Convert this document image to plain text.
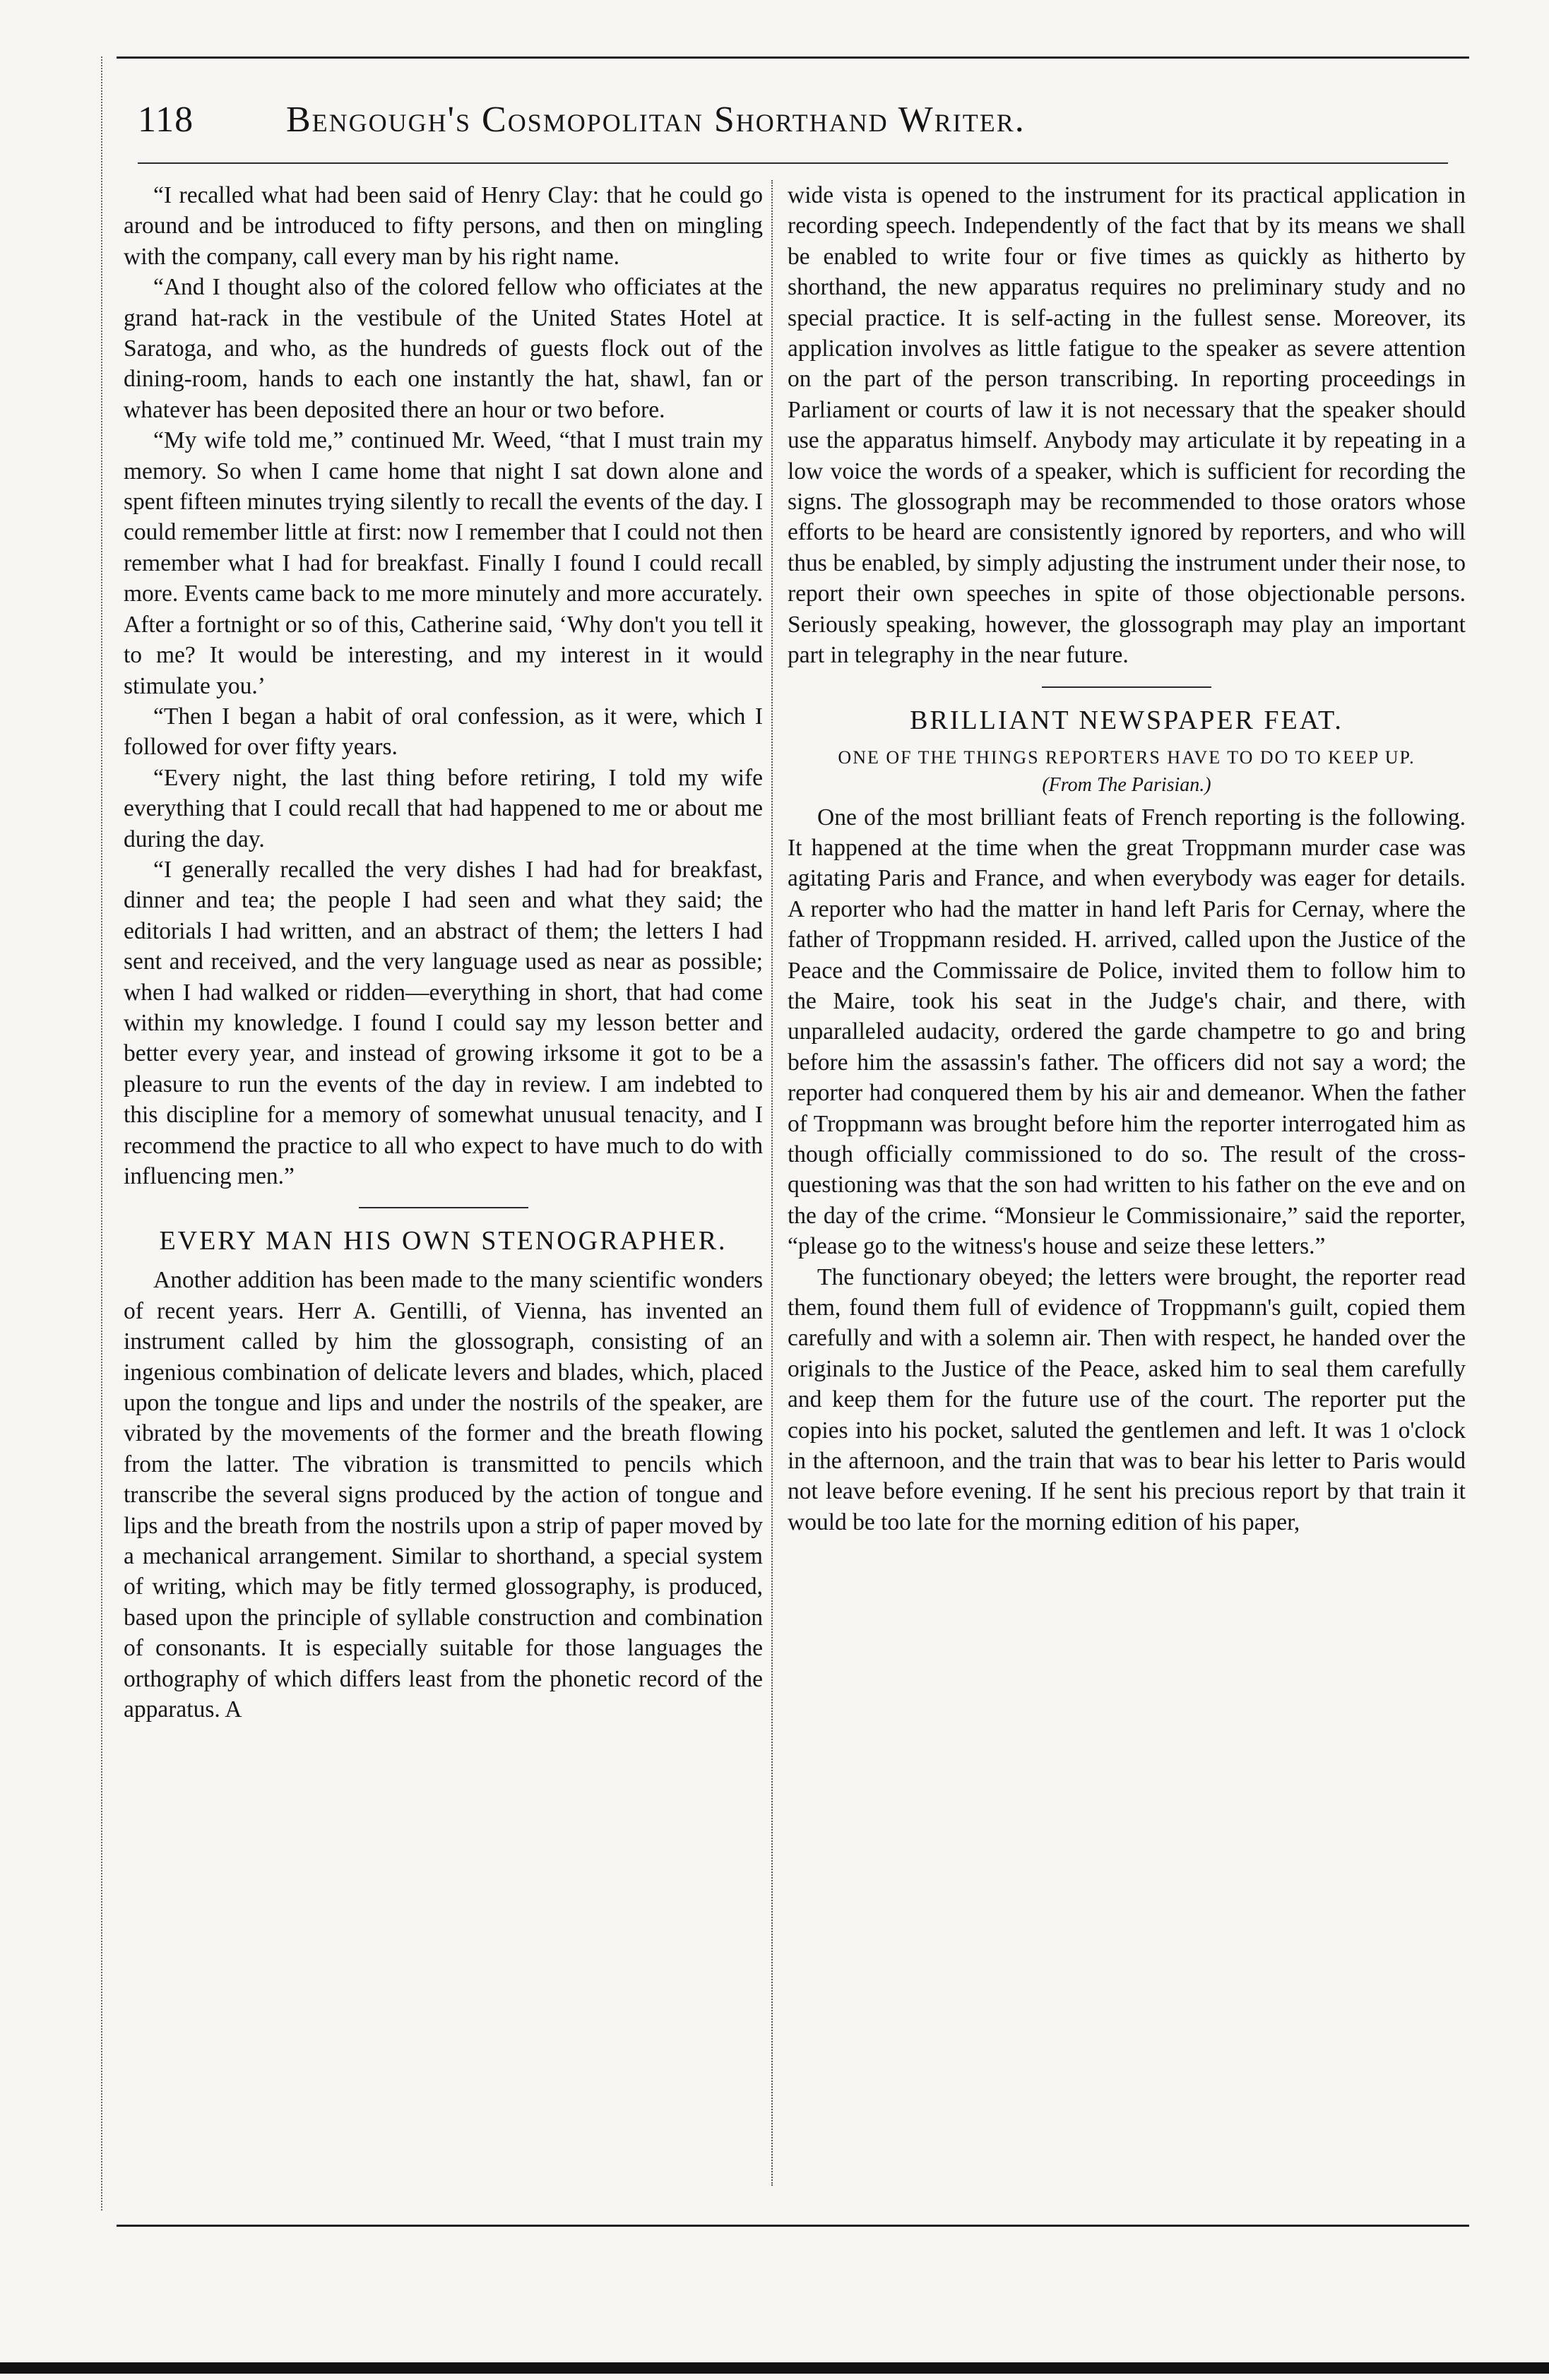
118	Bengough's Cosmopolitan Shorthand Writer.

“I recalled what had been said of Henry Clay: that he could go around and be introduced to fifty persons, and then on mingling with the company, call every man by his right name.

“And I thought also of the colored fellow who officiates at the grand hat-rack in the vestibule of the United States Hotel at Saratoga, and who, as the hundreds of guests flock out of the dining-room, hands to each one instantly the hat, shawl, fan or whatever has been deposited there an hour or two before.

“My wife told me,” continued Mr. Weed, “that I must train my memory. So when I came home that night I sat down alone and spent fifteen minutes trying silently to recall the events of the day. I could remember little at first: now I remember that I could not then remember what I had for breakfast. Finally I found I could recall more. Events came back to me more minutely and more accurately. After a fortnight or so of this, Catherine said, ‘Why don't you tell it to me? It would be interesting, and my interest in it would stimulate you.’

“Then I began a habit of oral confession, as it were, which I followed for over fifty years.

“Every night, the last thing before retiring, I told my wife everything that I could recall that had happened to me or about me during the day.

“I generally recalled the very dishes I had had for breakfast, dinner and tea; the people I had seen and what they said; the editorials I had written, and an abstract of them; the letters I had sent and received, and the very language used as near as possible; when I had walked or ridden—everything in short, that had come within my knowledge. I found I could say my lesson better and better every year, and instead of growing irksome it got to be a pleasure to run the events of the day in review. I am indebted to this discipline for a memory of somewhat unusual tenacity, and I recommend the practice to all who expect to have much to do with influencing men.”

EVERY MAN HIS OWN STENOGRAPHER.

Another addition has been made to the many scientific wonders of recent years. Herr A. Gentilli, of Vienna, has invented an instrument called by him the glossograph, consisting of an ingenious combination of delicate levers and blades, which, placed upon the tongue and lips and under the nostrils of the speaker, are vibrated by the movements of the former and the breath flowing from the latter. The vibration is transmitted to pencils which transcribe the several signs produced by the action of tongue and lips and the breath from the nostrils upon a strip of paper moved by a mechanical arrangement. Similar to shorthand, a special system of writing, which may be fitly termed glossography, is produced, based upon the principle of syllable construction and combination of consonants. It is especially suitable for those languages the orthography of which differs least from the phonetic record of the apparatus. A

wide vista is opened to the instrument for its practical application in recording speech. Independently of the fact that by its means we shall be enabled to write four or five times as quickly as hitherto by shorthand, the new apparatus requires no preliminary study and no special practice. It is self-acting in the fullest sense. Moreover, its application involves as little fatigue to the speaker as severe attention on the part of the person transcribing. In reporting proceedings in Parliament or courts of law it is not necessary that the speaker should use the apparatus himself. Anybody may articulate it by repeating in a low voice the words of a speaker, which is sufficient for recording the signs. The glossograph may be recommended to those orators whose efforts to be heard are consistently ignored by reporters, and who will thus be enabled, by simply adjusting the instrument under their nose, to report their own speeches in spite of those objectionable persons. Seriously speaking, however, the glossograph may play an important part in telegraphy in the near future.

BRILLIANT NEWSPAPER FEAT.
ONE OF THE THINGS REPORTERS HAVE TO DO TO KEEP UP.
(From The Parisian.)

One of the most brilliant feats of French reporting is the following. It happened at the time when the great Troppmann murder case was agitating Paris and France, and when everybody was eager for details. A reporter who had the matter in hand left Paris for Cernay, where the father of Troppmann resided. H. arrived, called upon the Justice of the Peace and the Commissaire de Police, invited them to follow him to the Maire, took his seat in the Judge's chair, and there, with unparalleled audacity, ordered the garde champetre to go and bring before him the assassin's father. The officers did not say a word; the reporter had conquered them by his air and demeanor. When the father of Troppmann was brought before him the reporter interrogated him as though officially commissioned to do so. The result of the cross-questioning was that the son had written to his father on the eve and on the day of the crime. “Monsieur le Commissionaire,” said the reporter, “please go to the witness's house and seize these letters.”

The functionary obeyed; the letters were brought, the reporter read them, found them full of evidence of Troppmann's guilt, copied them carefully and with a solemn air. Then with respect, he handed over the originals to the Justice of the Peace, asked him to seal them carefully and keep them for the future use of the court. The reporter put the copies into his pocket, saluted the gentlemen and left. It was 1 o'clock in the afternoon, and the train that was to bear his letter to Paris would not leave before evening. If he sent his precious report by that train it would be too late for the morning edition of his paper,
